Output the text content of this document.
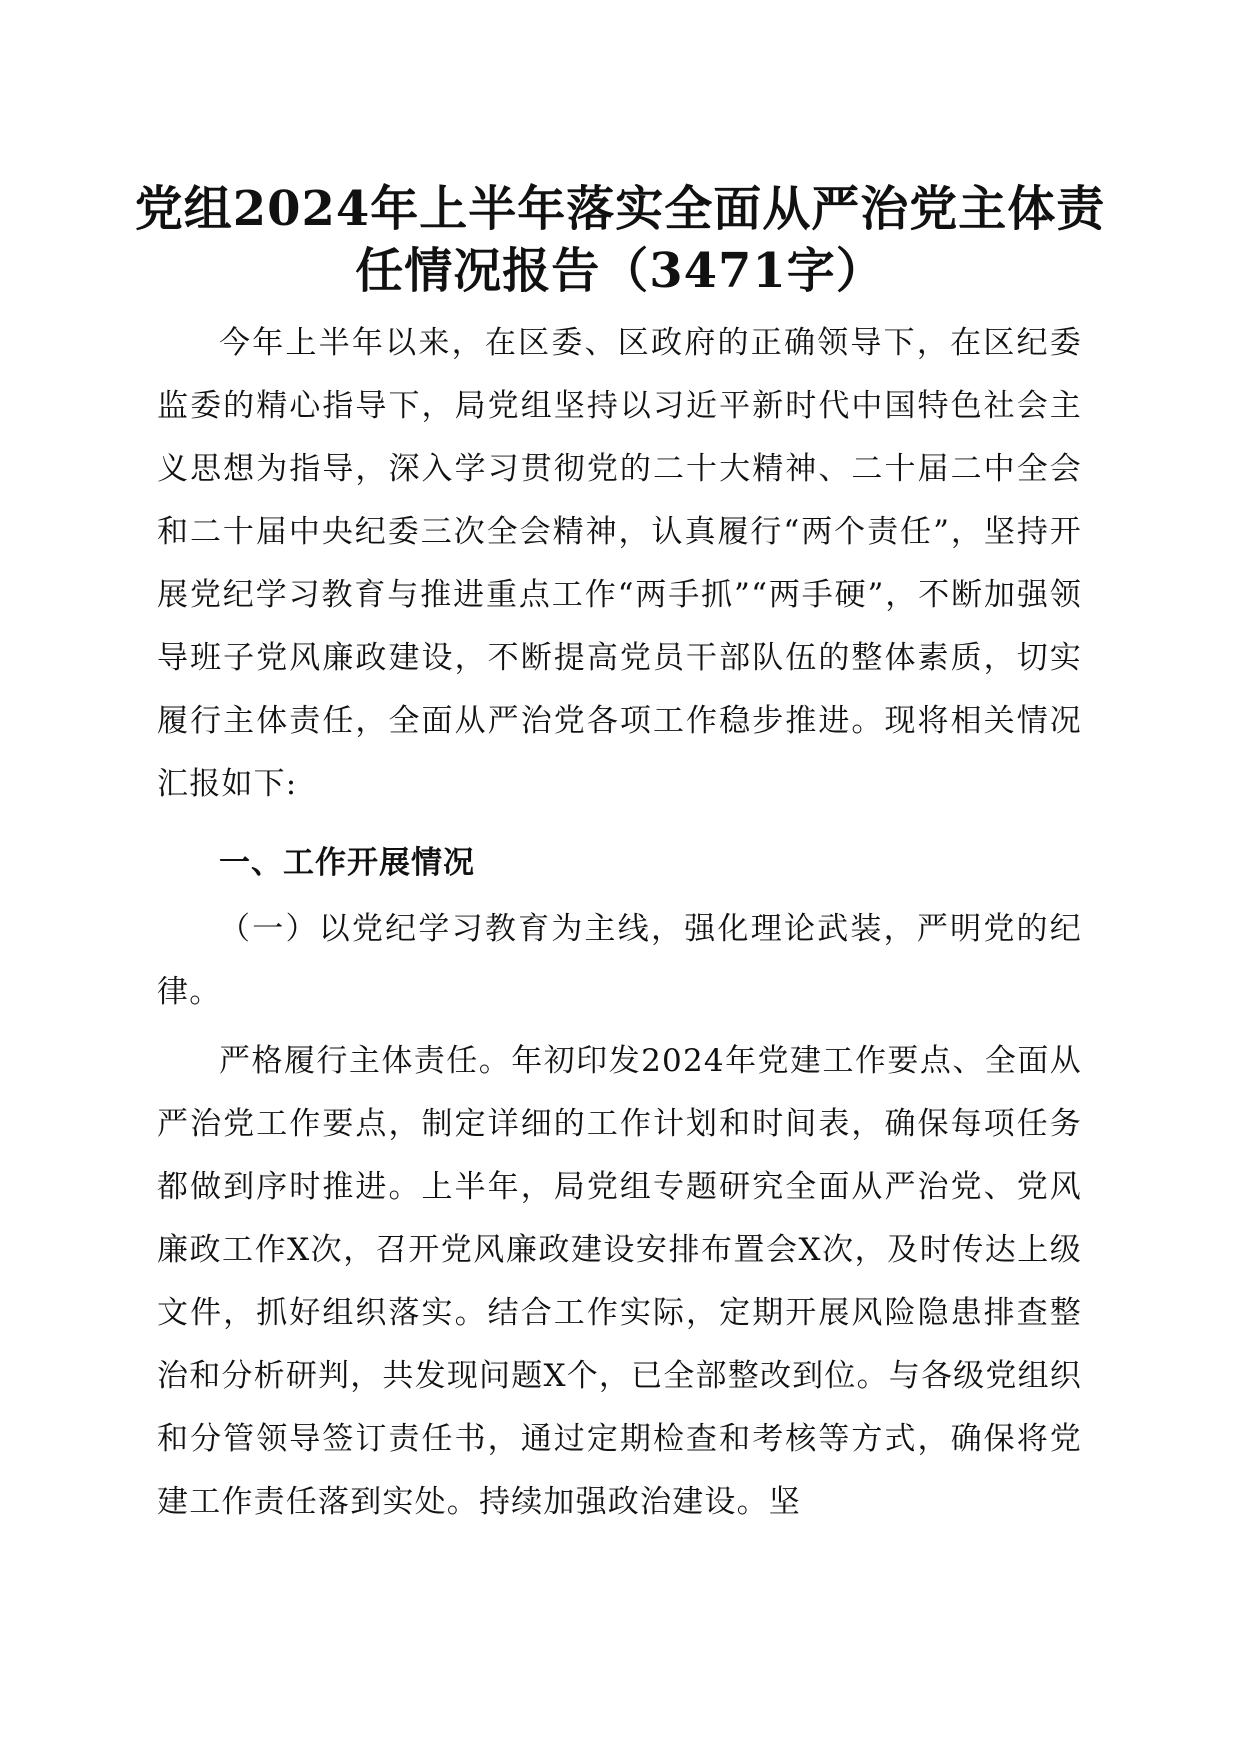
党组2024年上半年落实全面从严治党主体责
任情况报告（3471字）
今年上半年以来，在区委、区政府的正确领导下，在区纪委监委的精心指导下，局党组坚持以习近平新时代中国特色社会主义思想为指导，深入学习贯彻党的二十大精神、二十届二中全会和二十届中央纪委三次全会精神，认真履行“两个责任”，坚持开展党纪学习教育与推进重点工作“两手抓”“两手硬”，不断加强领导班子党风廉政建设，不断提高党员干部队伍的整体素质，切实履行主体责任，全面从严治党各项工作稳步推进。现将相关情况汇报如下:
一、工作开展情况
（一）以党纪学习教育为主线，强化理论武装，严明党的纪律。
严格履行主体责任。年初印发2024年党建工作要点、全面从严治党工作要点，制定详细的工作计划和时间表，确保每项任务都做到序时推进。上半年，局党组专题研究全面从严治党、党风廉政工作X次，召开党风廉政建设安排布置会X次，及时传达上级文件，抓好组织落实。结合工作实际，定期开展风险隐患排查整治和分析研判，共发现问题X个，已全部整改到位。与各级党组织和分管领导签订责任书，通过定期检查和考核等方式，确保将党建工作责任落到实处。持续加强政治建设。坚
